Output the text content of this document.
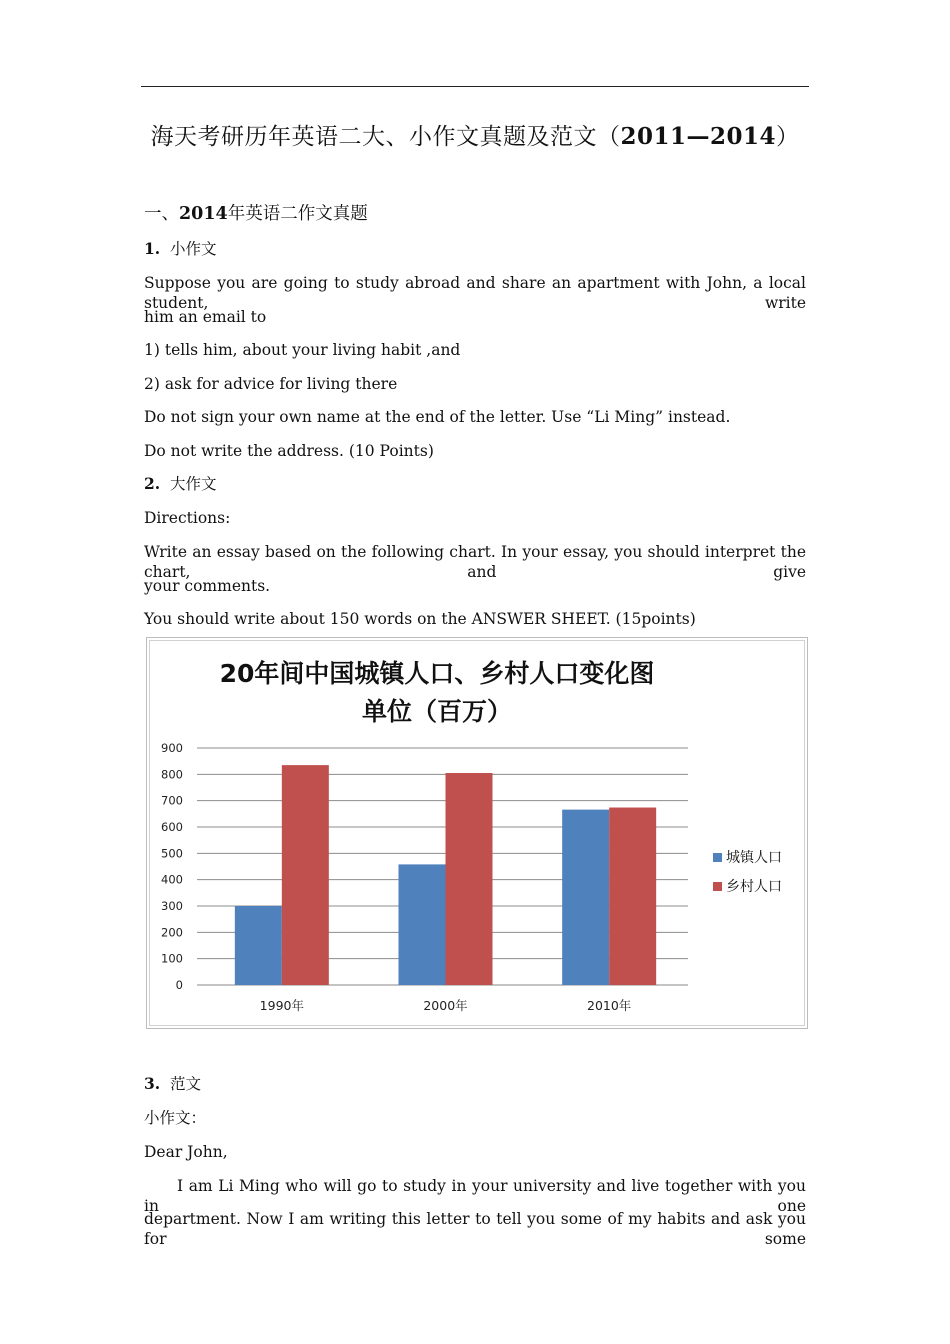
海天考研历年英语二大、小作文真题及范文（2011—2014）
一、2014年英语二作文真题
1. 小作文
Suppose you are going to study abroad and share an apartment with John, a local student, write
him an email to
1) tells him, about your living habit ,and
2) ask for advice for living there
Do not sign your own name at the end of the letter. Use “Li Ming” instead.
Do not write the address. (10 Points)
2. 大作文
Directions:
Write an essay based on the following chart. In your essay, you should interpret the chart, and give
your comments.
You should write about 150 words on the ANSWER SHEET. (15points)
20年间中国城镇人口、乡村人口变化图
单位（百万）
0
100
200
300
400
500
600
700
800
900
1990年	2000年	2010年
城镇人口
乡村人口
3. 范文
小作文：
Dear John,
I am Li Ming who will go to study in your university and live together with you in one
department. Now I am writing this letter to tell you some of my habits and ask you for some
